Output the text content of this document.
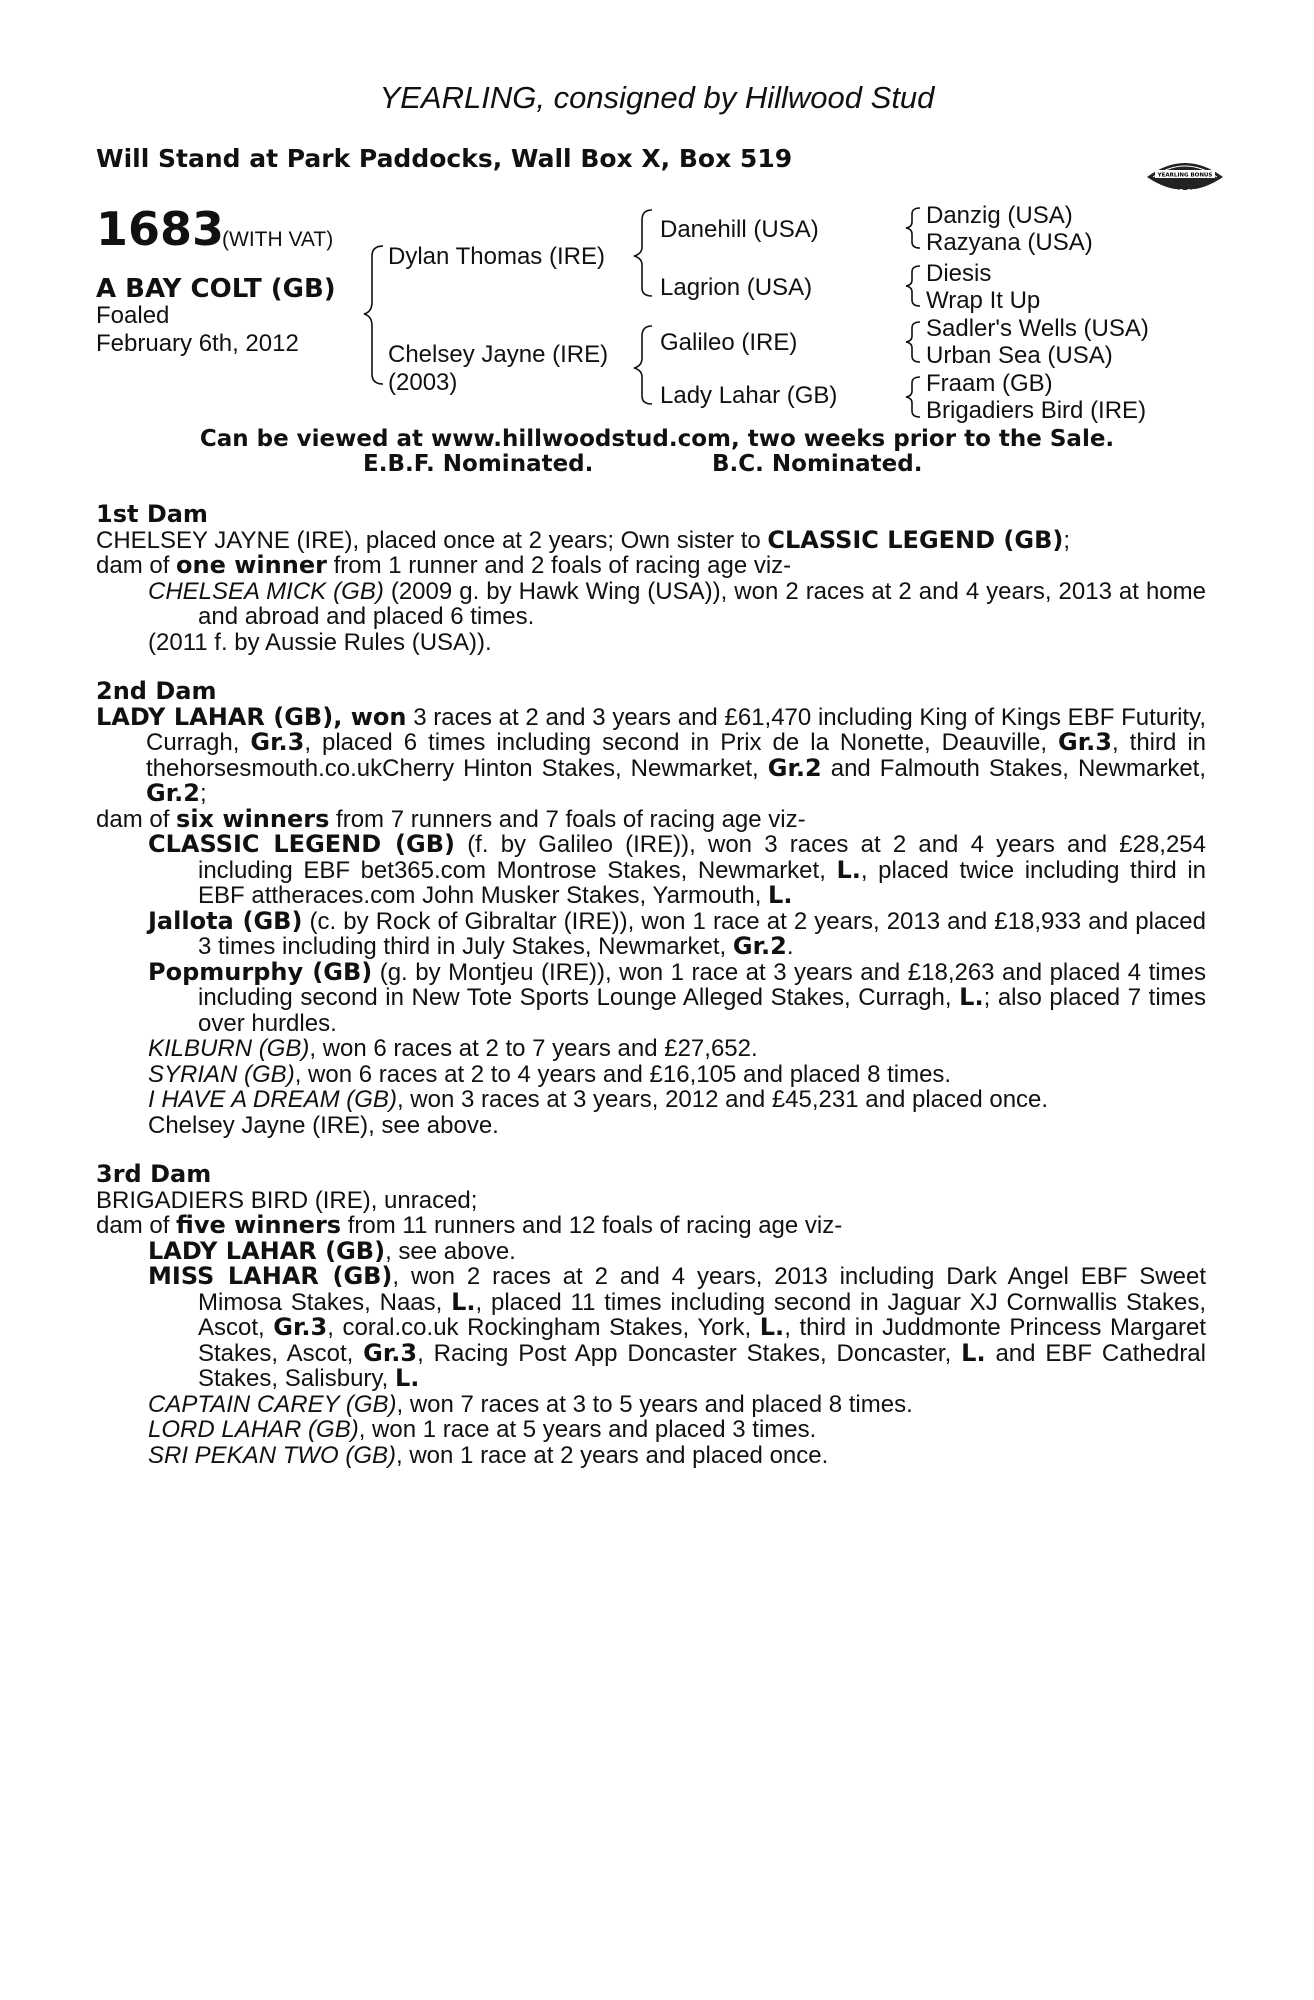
YEARLING, consigned by Hillwood Stud
Will Stand at Park Paddocks, Wall Box X, Box 519	RACING POST
YEARLING BONUS
£10,000
1683
(WITH VAT)
A BAY COLT (GB)
Foaled
February 6th, 2012
Dylan Thomas (IRE)
Chelsey Jayne (IRE)
(2003)
Danehill (USA)
Lagrion (USA)
Galileo (IRE)
Lady Lahar (GB)
Danzig (USA)
Razyana (USA)
Diesis
Wrap It Up
Sadler's Wells (USA)
Urban Sea (USA)
Fraam (GB)
Brigadiers Bird (IRE)
Can be viewed at www.hillwoodstud.com, two weeks prior to the Sale.
E.B.F. Nominated.	B.C. Nominated.

1st Dam

CHELSEY JAYNE (IRE), placed once at 2 years; Own sister to CLASSIC LEGEND (GB);

dam of one winner from 1 runner and 2 foals of racing age viz-

CHELSEA MICK (GB) (2009 g. by Hawk Wing (USA)), won 2 races at 2 and 4 years, 2013 at home and abroad and placed 6 times.

(2011 f. by Aussie Rules (USA)).

2nd Dam

LADY LAHAR (GB), won 3 races at 2 and 3 years and £61,470 including King of Kings EBF Futurity, Curragh, Gr.3, placed 6 times including second in Prix de la Nonette, Deauville, Gr.3, third in thehorsesmouth.co.ukCherry Hinton Stakes, Newmarket, Gr.2 and Falmouth Stakes, Newmarket, Gr.2;

dam of six winners from 7 runners and 7 foals of racing age viz-

CLASSIC LEGEND (GB) (f. by Galileo (IRE)), won 3 races at 2 and 4 years and £28,254 including EBF bet365.com Montrose Stakes, Newmarket, L., placed twice including third in EBF attheraces.com John Musker Stakes, Yarmouth, L.

Jallota (GB) (c. by Rock of Gibraltar (IRE)), won 1 race at 2 years, 2013 and £18,933 and placed 3 times including third in July Stakes, Newmarket, Gr.2.

Popmurphy (GB) (g. by Montjeu (IRE)), won 1 race at 3 years and £18,263 and placed 4 times including second in New Tote Sports Lounge Alleged Stakes, Curragh, L.; also placed 7 times over hurdles.

KILBURN (GB), won 6 races at 2 to 7 years and £27,652.

SYRIAN (GB), won 6 races at 2 to 4 years and £16,105 and placed 8 times.

I HAVE A DREAM (GB), won 3 races at 3 years, 2012 and £45,231 and placed once.

Chelsey Jayne (IRE), see above.

3rd Dam

BRIGADIERS BIRD (IRE), unraced;

dam of five winners from 11 runners and 12 foals of racing age viz-

LADY LAHAR (GB), see above.

MISS LAHAR (GB), won 2 races at 2 and 4 years, 2013 including Dark Angel EBF Sweet Mimosa Stakes, Naas, L., placed 11 times including second in Jaguar XJ Cornwallis Stakes, Ascot, Gr.3, coral.co.uk Rockingham Stakes, York, L., third in Juddmonte Princess Margaret Stakes, Ascot, Gr.3, Racing Post App Doncaster Stakes, Doncaster, L. and EBF Cathedral Stakes, Salisbury, L.

CAPTAIN CAREY (GB), won 7 races at 3 to 5 years and placed 8 times.

LORD LAHAR (GB), won 1 race at 5 years and placed 3 times.

SRI PEKAN TWO (GB), won 1 race at 2 years and placed once.
